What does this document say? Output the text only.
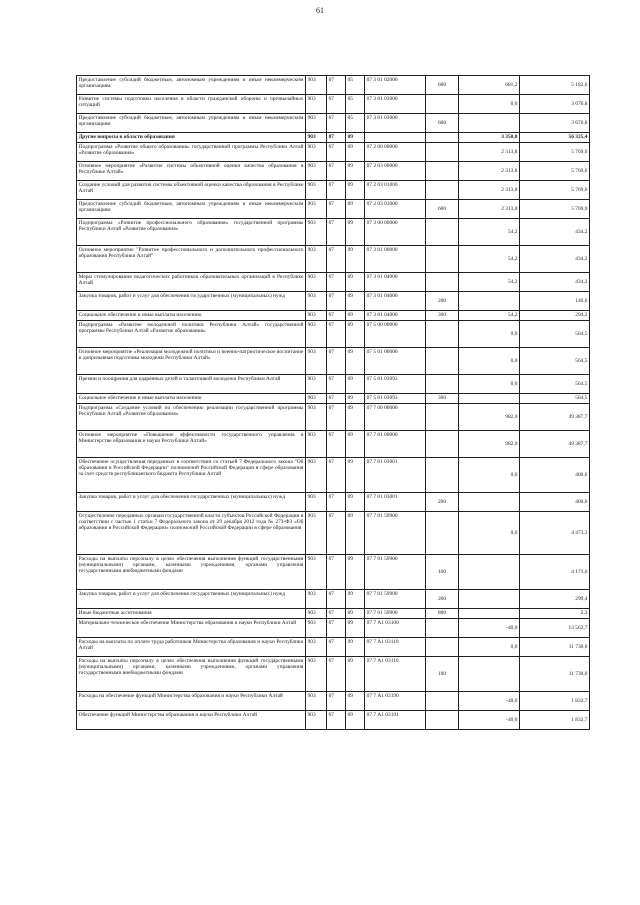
61
Предоставление субсидий бюджетным, автономным учреждениям и иным некоммерческим организациям	903	07	05	07 3 01 02000	600	681,2	5 182,0
Развитие системы подготовки населения в области гражданской обороны и чрезвычайных ситуаций	903	07	05	07 3 01 03000		0,0	3 676,8
Предоставление субсидий бюджетным, автономным учреждениям и иным некоммерческим организациям	903	07	05	07 3 01 03000	600		3 676,8
Другие вопросы в области образования	903	07	09			3 350,0	56 325,4
Подпрограмма «Развитие общего образования» государственной программы Республики Алтай «Развитие образования»	903	07	09	07 2 00 00000		2 313,8	5 769,0
Основное мероприятие «Развитие системы объективной оценки качества образования в Республике Алтай»	903	07	09	07 2 03 00000		2 313,8	5 769,0
Создание условий для развития системы объективной оценки качества образования в Республике Алтай	903	07	09	07 2 03 01000		2 313,8	5 769,0
Предоставление субсидий бюджетным, автономным учреждениям и иным некоммерческим организациям	903	07	09	07 2 03 01000	600	2 313,8	5 769,0
Подпрограмма «Развитие профессионального образования» государственной программы Республики Алтай «Развитие образования»	903	07	09	07 3 00 00000		54,2	434,2
Основное мероприятие "Развитие профессионального и дополнительного профессионального образования Республики Алтай"	903	07	09	07 3 01 00000		54,2	434,2
Меры стимулирования педагогических работников образовательных организаций в Республике Алтай	903	07	09	07 3 01 04000		54,2	434,2
Закупка товаров, работ и услуг для обеспечения государственных (муниципальных) нужд	903	07	09	07 3 01 04000	200		140,0
Социальное обеспечение и иные выплаты населению	903	07	09	07 3 01 04000	300	54,2	294,2
Подпрограмма «Развитие молодежной политики Республики Алтай» государственной программы Республики Алтай «Развитие образования»	903	07	09	07 5 00 00000		0,0	564,5
Основное мероприятие «Реализация молодежной политики и военно-патриотическое воспитание и допризывная подготовка молодежи Республики Алтай»	903	07	09	07 5 01 00000		0,0	564,5
Премии и поощрения для одаренных детей и талантливой молодежи Республики Алтай	903	07	09	07 5 01 03093		0,0	564,5
Социальное обеспечение и иные выплаты населению	903	07	09	07 5 01 03093	300		564,5
Подпрограмма «Создание условий по обеспечению реализации государственной программы Республики Алтай «Развитие образования»	903	07	09	07 7 00 00000		982,0	49 387,7
Основное мероприятие «Повышение эффективности государственного управления в Министерстве образования и науки Республики Алтай»	903	07	09	07 7 01 00000		982,0	49 387,7
Обеспечение осуществления переданных в соответствии со статьей 7 Федерального закона "Об образовании в Российской Федерации" полномочий Российской Федерации в сфере образования за счет средств республиканского бюджета Республики Алтай	903	07	09	07 7 01 03001		0,0	400,0
Закупка товаров, работ и услуг для обеспечения государственных (муниципальных) нужд	903	07	09	07 7 01 03001	200		400,0
Осуществление переданных органам государственной власти субъектов Российской Федерации в соответствии с частью 1 статьи 7 Федерального закона от 29 декабря 2012 года № 273-ФЗ «Об образовании в Российской Федерации» полномочий Российской Федерации в сфере образования	903	07	09	07 7 01 59900		0,0	4 473,3
Расходы на выплаты персоналу в целях обеспечения выполнения функций государственными (муниципальными) органами, казенными учреждениями, органами управления государственными внебюджетными фондами	903	07	09	07 7 01 59900	100		4 171,6
Закупка товаров, работ и услуг для обеспечения государственных (муниципальных) нужд	903	07	09	07 7 01 59900	200		299,4
Иные бюджетные ассигнования	903	07	09	07 7 01 59900	800		2,3
Материально-техническое обеспечение Министерства образования и науки Республики Алтай	903	07	09	07 7 А1 03100		-40,0	13 562,7
Расходы на выплаты по оплате труда работников Министерства образования и науки Республики Алтай	903	07	09	07 7 А1 03110		0,0	11 730,0
Расходы на выплаты персоналу в целях обеспечения выполнения функций государственными (муниципальными) органами, казенными учреждениями, органами управления государственными внебюджетными фондами	903	07	09	07 7 А1 03110	100		11 730,0
Расходы на обеспечение функций Министерства образования и науки Республики Алтай	903	07	09	07 7 А1 03190		-40,0	1 832,7
Обеспечение функций Министерства образования и науки Республики Алтай	903	07	09	07 7 А1 03191		-40,0	1 832,7
